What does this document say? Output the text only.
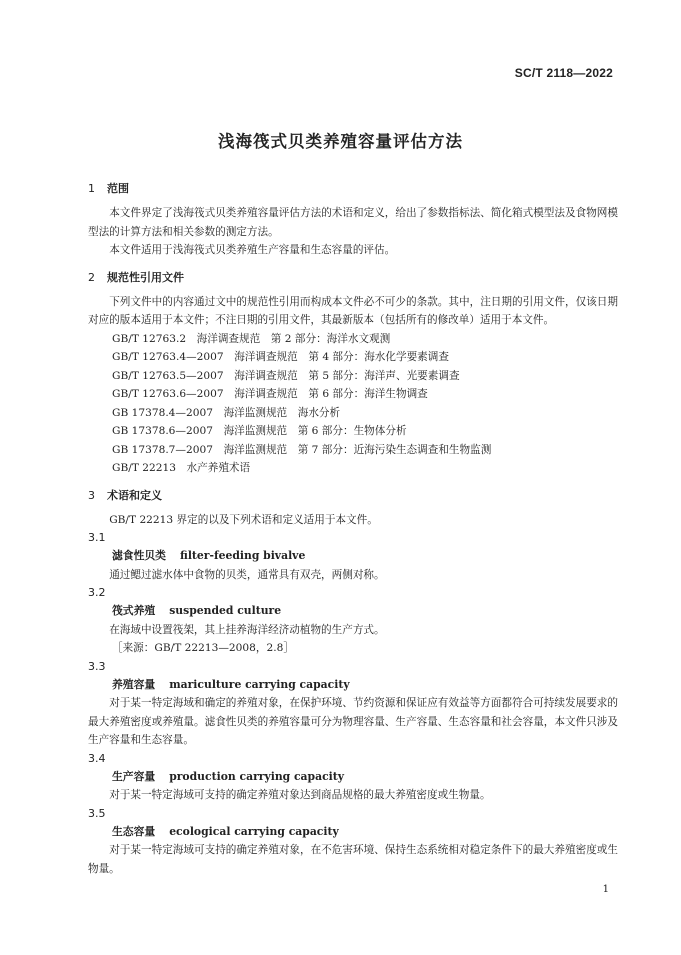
SC/T 2118—2022
浅海筏式贝类养殖容量评估方法

1 范围

本文件界定了浅海筏式贝类养殖容量评估方法的术语和定义，给出了参数指标法、简化箱式模型法及食物网模型法的计算方法和相关参数的测定方法。

本文件适用于浅海筏式贝类养殖生产容量和生态容量的评估。

2 规范性引用文件

下列文件中的内容通过文中的规范性引用而构成本文件必不可少的条款。其中，注日期的引用文件，仅该日期对应的版本适用于本文件；不注日期的引用文件，其最新版本（包括所有的修改单）适用于本文件。

GB/T 12763.2　海洋调查规范　第 2 部分：海洋水文观测

GB/T 12763.4—2007　海洋调查规范　第 4 部分：海水化学要素调查

GB/T 12763.5—2007　海洋调查规范　第 5 部分：海洋声、光要素调查

GB/T 12763.6—2007　海洋调查规范　第 6 部分：海洋生物调查

GB 17378.4—2007　海洋监测规范　海水分析

GB 17378.6—2007　海洋监测规范　第 6 部分：生物体分析

GB 17378.7—2007　海洋监测规范　第 7 部分：近海污染生态调查和生物监测

GB/T 22213　水产养殖术语

3 术语和定义

GB/T 22213 界定的以及下列术语和定义适用于本文件。

3.1

滤食性贝类 filter-feeding bivalve

通过鳃过滤水体中食物的贝类，通常具有双壳，两侧对称。

3.2

筏式养殖 suspended culture

在海域中设置筏架，其上挂养海洋经济动植物的生产方式。

［来源：GB/T 22213—2008，2.8］

3.3

养殖容量 mariculture carrying capacity

对于某一特定海域和确定的养殖对象，在保护环境、节约资源和保证应有效益等方面都符合可持续发展要求的最大养殖密度或养殖量。滤食性贝类的养殖容量可分为物理容量、生产容量、生态容量和社会容量，本文件只涉及生产容量和生态容量。

3.4

生产容量 production carrying capacity

对于某一特定海域可支持的确定养殖对象达到商品规格的最大养殖密度或生物量。

3.5

生态容量 ecological carrying capacity

对于某一特定海域可支持的确定养殖对象，在不危害环境、保持生态系统相对稳定条件下的最大养殖密度或生物量。

1
